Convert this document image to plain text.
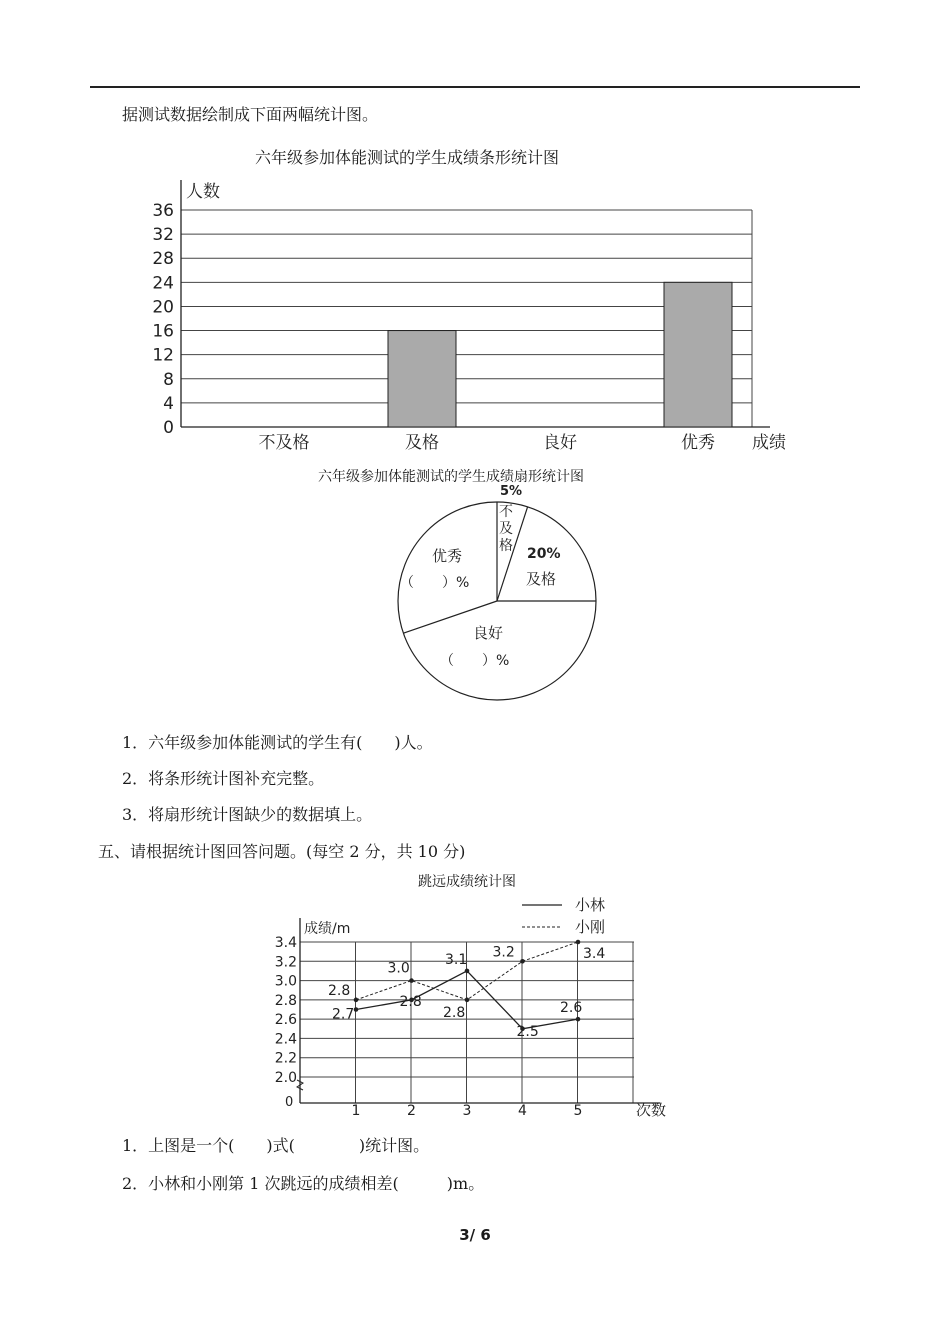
据测试数据绘制成下面两幅统计图。
六年级参加体能测试的学生成绩条形统计图
0
4
8
12
16
20
24
28
32
36
不及格	及格	良好	优秀
人数
成绩
六年级参加体能测试的学生成绩扇形统计图
5%
不
及
格 20%
及格
优秀
（　　）%
良好
（　　）%
1．六年级参加体能测试的学生有(　　)人。
2．将条形统计图补充完整。
3．将扇形统计图缺少的数据填上。
五、请根据统计图回答问题。(每空 2 分，共 10 分)
跳远成绩统计图
2.0
2.2
2.4
2.6
2.8
3.0
3.2
3.4
1	2	3	4	5
2.7
2.8
3.1
2.5
2.6
2.8
3.0
2.8
3.2	3.4
成绩/m
次数
0
小林
小刚
1．上图是一个(　　)式(　　　　)统计图。
2．小林和小刚第 1 次跳远的成绩相差(　　　)m。
3/ 6
